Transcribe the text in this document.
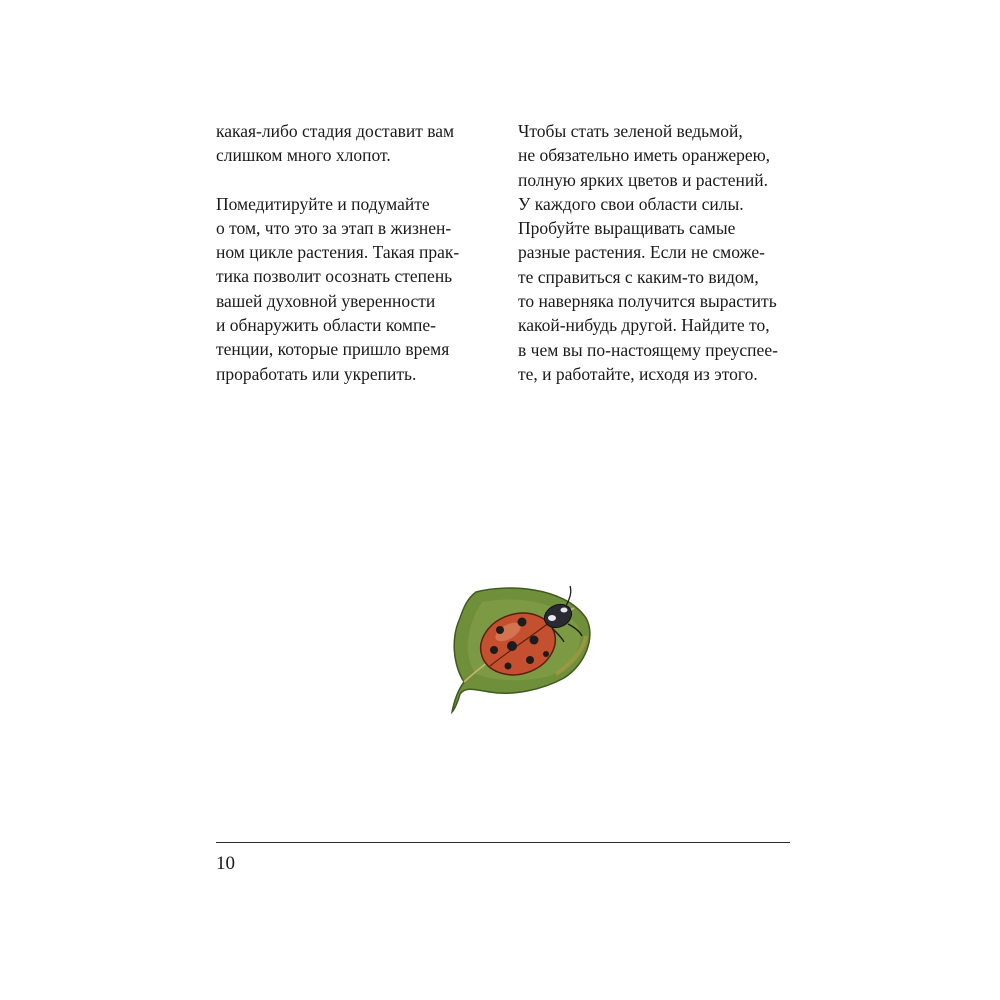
какая-либо стадия доставит вам
слишком много хлопот.
Помедитируйте и подумайте
о том, что это за этап в жизнен-
ном цикле растения. Такая прак-
тика позволит осознать степень
вашей духовной уверенности
и обнаружить области компе-
тенции, которые пришло время
проработать или укрепить.
Чтобы стать зеленой ведьмой,
не обязательно иметь оранжерею,
полную ярких цветов и растений.
У каждого свои области силы.
Пробуйте выращивать самые
разные растения. Если не сможе-
те справиться с каким-то видом,
то наверняка получится вырастить
какой-нибудь другой. Найдите то,
в чем вы по-настоящему преуспее-
те, и работайте, исходя из этого.
10
